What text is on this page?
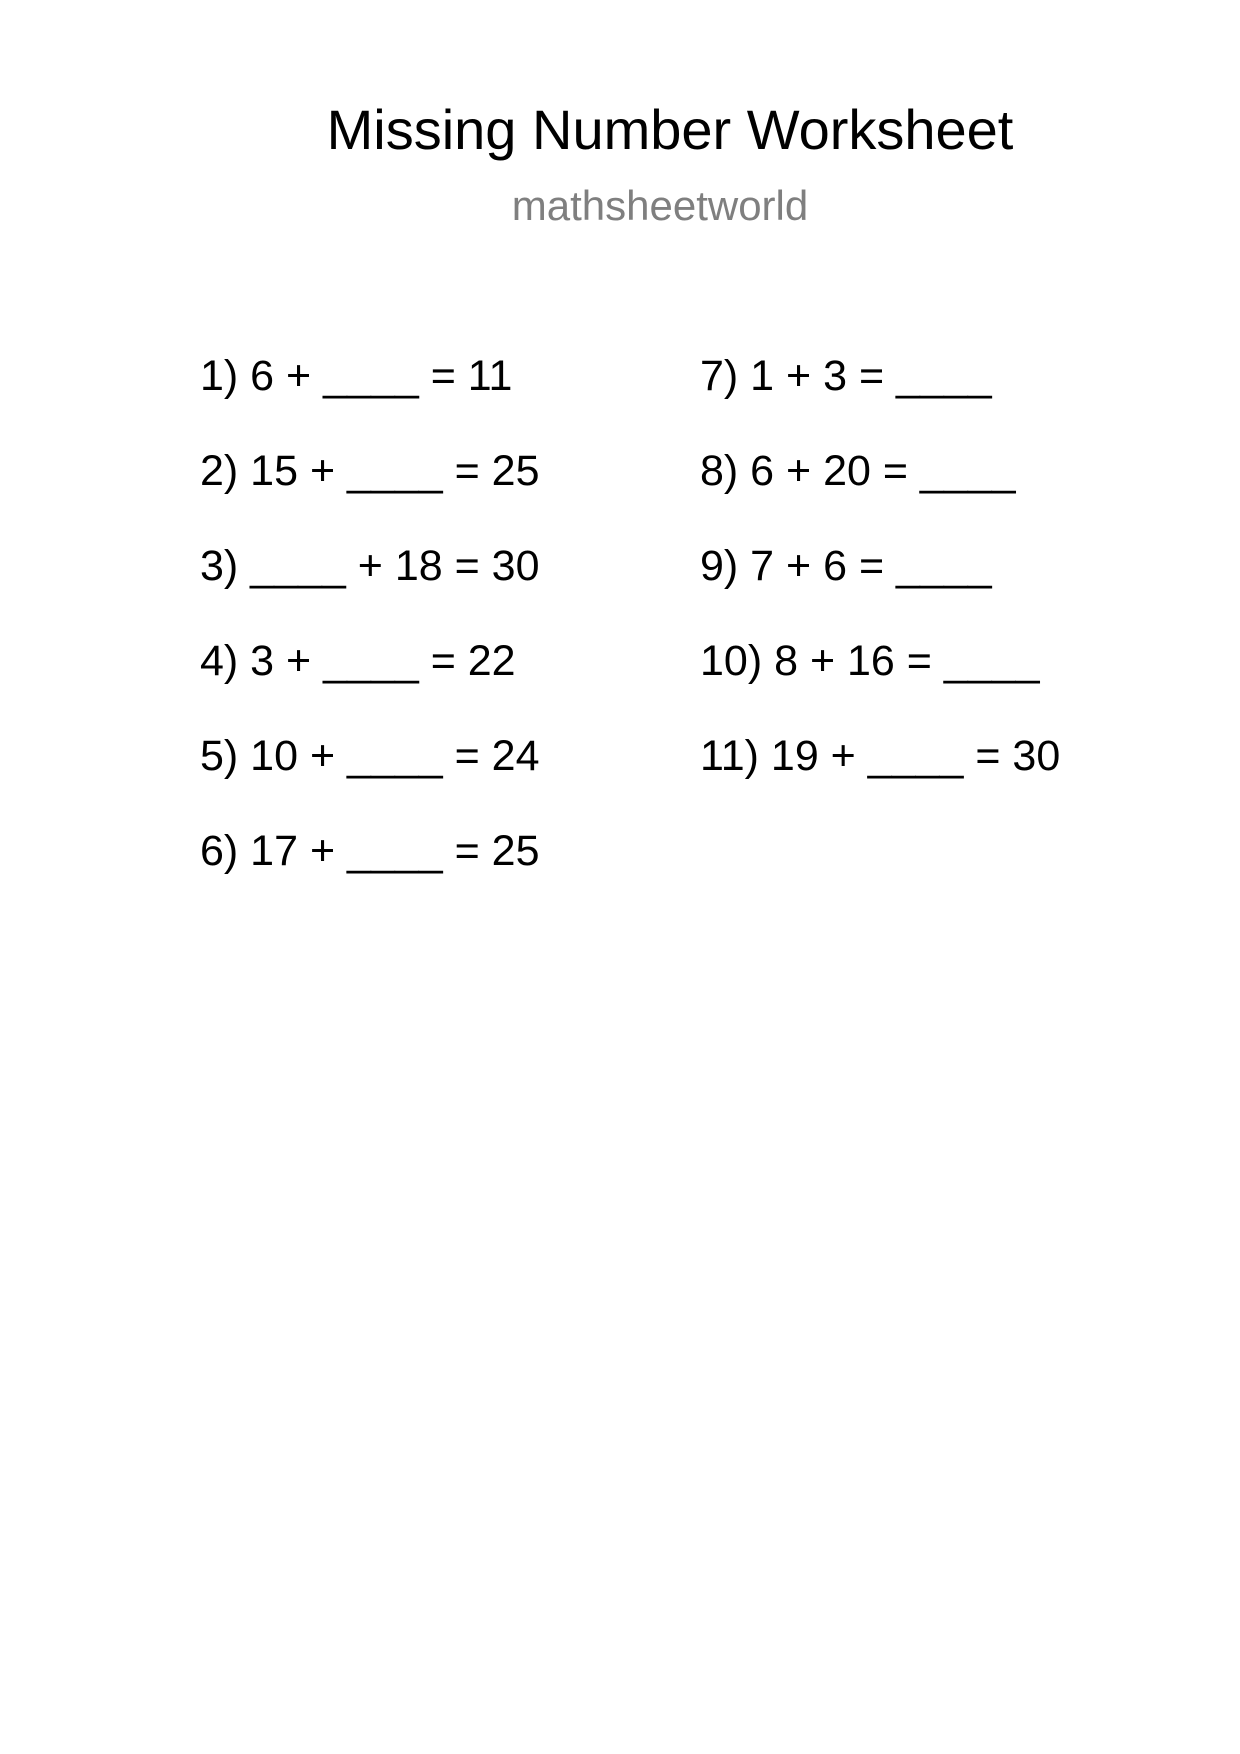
Missing Number Worksheet
mathsheetworld
1) 6 + ____ = 11
2) 15 + ____ = 25
3) ____ + 18 = 30
4) 3 + ____ = 22
5) 10 + ____ = 24
6) 17 + ____ = 25
7) 1 + 3 = ____
8) 6 + 20 = ____
9) 7 + 6 = ____
10) 8 + 16 = ____
11) 19 + ____ = 30
